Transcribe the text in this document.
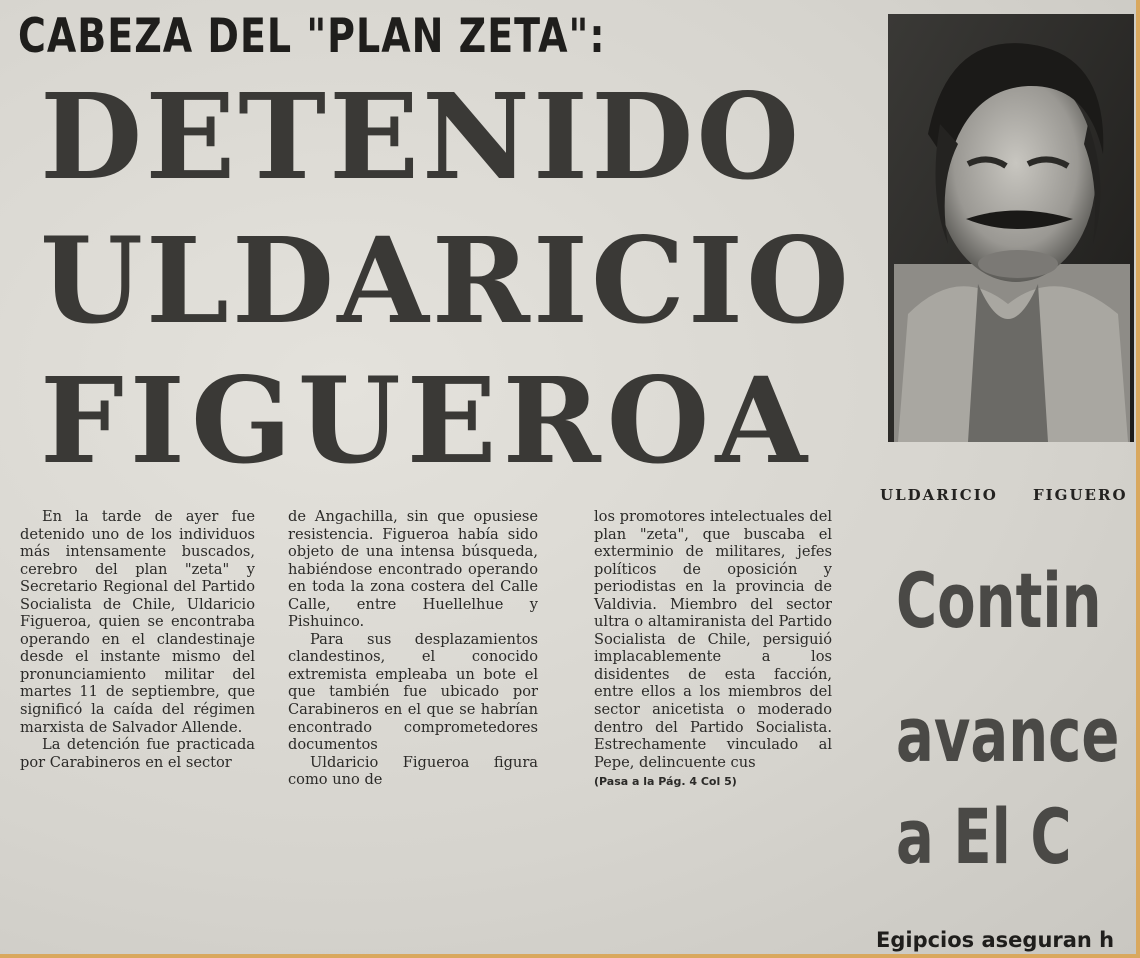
CABEZA DEL "PLAN ZETA":
DETENIDO
ULDARICIO
FIGUEROA
ULDARICIO FIGUERO

En la tarde de ayer fue detenido uno de los individuos más intensamente buscados, cerebro del plan "zeta" y Secretario Regional del Partido Socialista de Chile, Uldaricio Figueroa, quien se encontraba operando en el clandestinaje desde el instante mismo del pronunciamiento militar del martes 11 de septiembre, que significó la caída del régimen marxista de Salvador Allende.

La detención fue practicada por Carabineros en el sector

de Angachilla, sin que opusiese resistencia. Figueroa había sido objeto de una intensa búsqueda, habiéndose encontrado operando en toda la zona costera del Calle Calle, entre Huellelhue y Pishuinco.

Para sus desplazamientos clandestinos, el conocido extremista empleaba un bote el que también fue ubicado por Carabineros en el que se habrían encontrado comprometedores documentos

Uldaricio Figueroa figura como uno de

los promotores intelectuales del plan "zeta", que buscaba el exterminio de militares, jefes políticos de oposición y periodistas en la provincia de Valdivia. Miembro del sector ultra o altamiranista del Partido Socialista de Chile, persiguió implacablemente a los disidentes de esta facción, entre ellos a los miembros del sector anicetista o moderado dentro del Partido Socialista. Estrechamente vinculado al Pepe, delincuente cus

(Pasa a la Pág. 4 Col 5)
Contin
avance
a El C
Egipcios aseguran h
